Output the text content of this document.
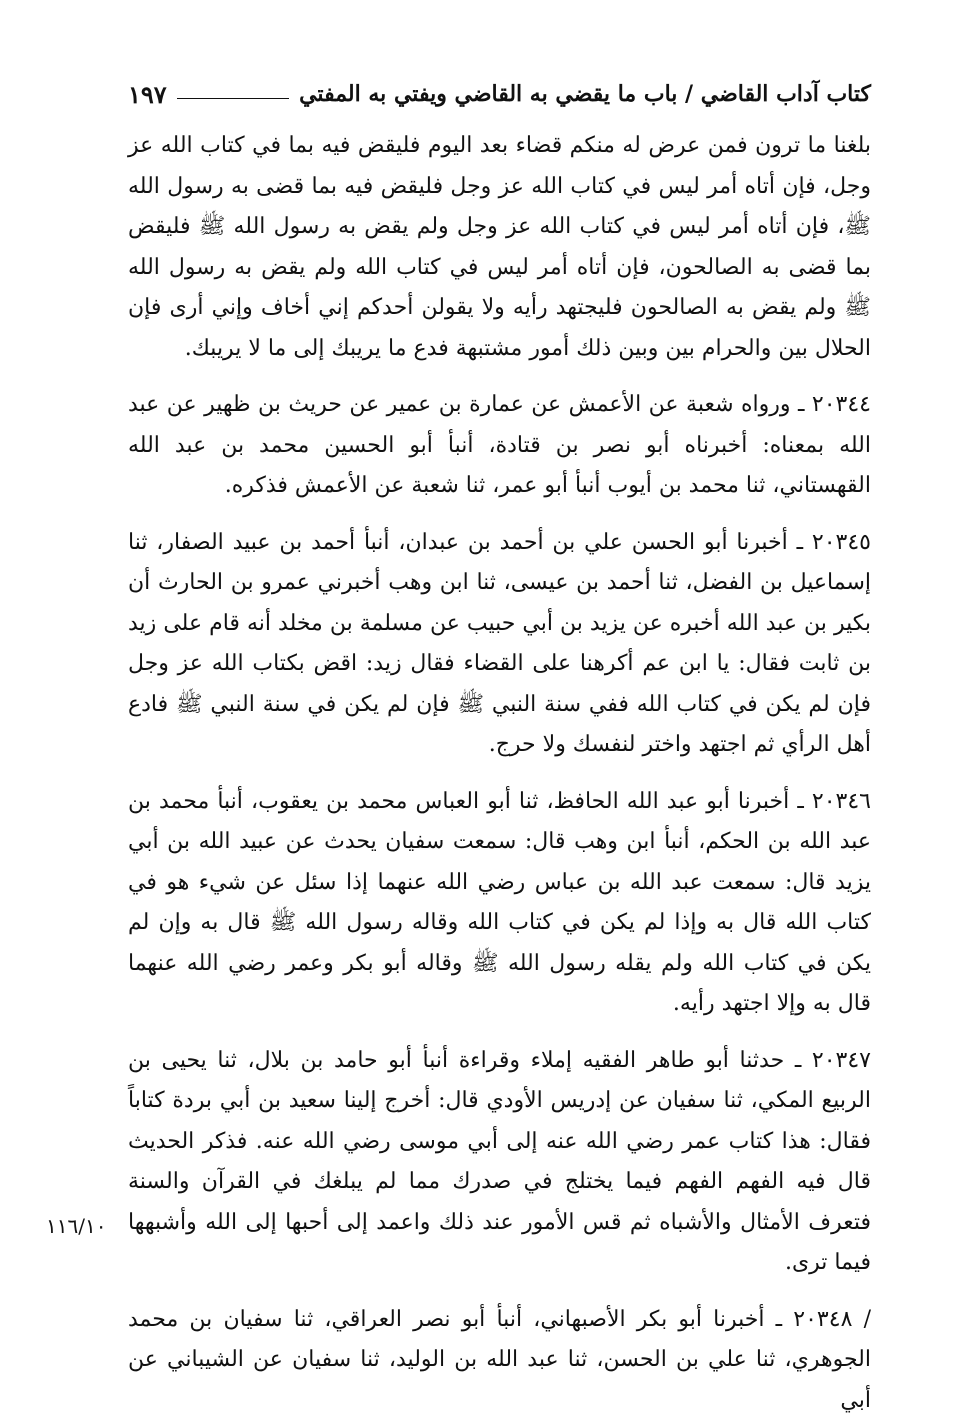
كتاب آداب القاضي / باب ما يقضي به القاضي ويفتي به المفتي
١٩٧

بلغنا ما ترون فمن عرض له منكم قضاء بعد اليوم فليقض فيه بما في كتاب الله عز وجل، فإن أتاه أمر ليس في كتاب الله عز وجل فليقض فيه بما قضى به رسول الله ﷺ، فإن أتاه أمر ليس في كتاب الله عز وجل ولم يقض به رسول الله ﷺ فليقض بما قضى به الصالحون، فإن أتاه أمر ليس في كتاب الله ولم يقض به رسول الله ﷺ ولم يقض به الصالحون فليجتهد رأيه ولا يقولن أحدكم إني أخاف وإني أرى فإن الحلال بين والحرام بين وبين ذلك أمور مشتبهة فدع ما يريبك إلى ما لا يريبك.

٢٠٣٤٤ ـ ورواه شعبة عن الأعمش عن عمارة بن عمير عن حريث بن ظهير عن عبد الله بمعناه: أخبرناه أبو نصر بن قتادة، أنبأ أبو الحسين محمد بن عبد الله القهستاني، ثنا محمد بن أيوب أنبأ أبو عمر، ثنا شعبة عن الأعمش فذكره.

٢٠٣٤٥ ـ أخبرنا أبو الحسن علي بن أحمد بن عبدان، أنبأ أحمد بن عبيد الصفار، ثنا إسماعيل بن الفضل، ثنا أحمد بن عيسى، ثنا ابن وهب أخبرني عمرو بن الحارث أن بكير بن عبد الله أخبره عن يزيد بن أبي حبيب عن مسلمة بن مخلد أنه قام على زيد بن ثابت فقال: يا ابن عم أكرهنا على القضاء فقال زيد: اقض بكتاب الله عز وجل فإن لم يكن في كتاب الله ففي سنة النبي ﷺ فإن لم يكن في سنة النبي ﷺ فادع أهل الرأي ثم اجتهد واختر لنفسك ولا حرج.

٢٠٣٤٦ ـ أخبرنا أبو عبد الله الحافظ، ثنا أبو العباس محمد بن يعقوب، أنبأ محمد بن عبد الله بن الحكم، أنبأ ابن وهب قال: سمعت سفيان يحدث عن عبيد الله بن أبي يزيد قال: سمعت عبد الله بن عباس رضي الله عنهما إذا سئل عن شيء هو في كتاب الله قال به وإذا لم يكن في كتاب الله وقاله رسول الله ﷺ قال به وإن لم يكن في كتاب الله ولم يقله رسول الله ﷺ وقاله أبو بكر وعمر رضي الله عنهما قال به وإلا اجتهد رأيه.

٢٠٣٤٧ ـ حدثنا أبو طاهر الفقيه إملاء وقراءة أنبأ أبو حامد بن بلال، ثنا يحيى بن الربيع المكي، ثنا سفيان عن إدريس الأودي قال: أخرج إلينا سعيد بن أبي بردة كتاباً فقال: هذا كتاب عمر رضي الله عنه إلى أبي موسى رضي الله عنه. فذكر الحديث قال فيه الفهم الفهم فيما يختلج في صدرك مما لم يبلغك في القرآن والسنة فتعرف الأمثال والأشباه ثم قس الأمور عند ذلك واعمد إلى أحبها إلى الله وأشبهها فيما ترى.

/ ٢٠٣٤٨ ـ أخبرنا أبو بكر الأصبهاني، أنبأ أبو نصر العراقي، ثنا سفيان بن محمد الجوهري، ثنا علي بن الحسن، ثنا عبد الله بن الوليد، ثنا سفيان عن الشيباني عن أبي

١١٦/١٠
